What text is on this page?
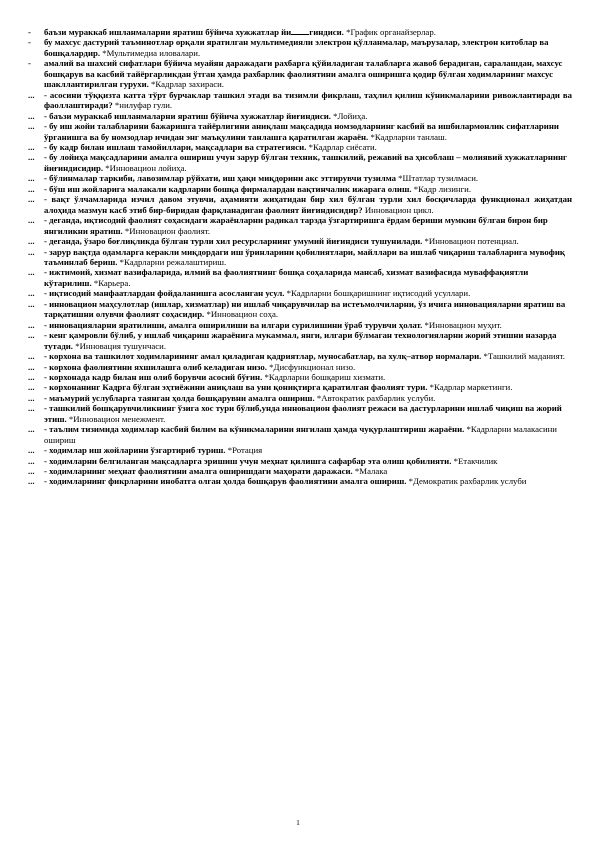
- баъзи мураккаб ишланмаларни яратиш бўйича хужжатлар йи гиндиси. *График органайзерлар.

- бу махсус дастурий таъминотлар орқали яратилган мультимедияли электрон қўлланмалар, маърузалар, электрон китоблар ва бошқалардир. *Мультимедиа иловалари.

- амалий ва шахсий сифатлари бўйича муайян даражадаги рахбарга қўйиладиган талабларга жавоб берадиган, саралашдан, махсус бошқарув ва касбий тайёргарликдан ўтган ҳамда рахбарлик фаолиятини амалга оширишга қодир бўлган ходимларнинг махсус шакллантирилган гурухи. *Кадрлар захираси.

... - асосини тўққизта катта тўрт бурчаклар ташкил этади ва тизимли фикрлаш, таҳлил қилиш кўникмаларини ривожлантиради ва фаоллаштиради? *нилуфар гули.

... - баъзи мураккаб ишланмаларни яратиш бўйича хужжатлар йиғиндиси. *Лойиҳа.

... - бу иш жойи талабларини бажаришга тайёрлигини аниқлаш мақсадида номзодларнинг касбий ва ишбилармонлик сифатларини ўрганишга ва бу номзодлар ичидан энг маъқулини танлашга қаратилган жараён. *Кадрларни танлаш.

... - бу кадр билан ишлаш тамойиллари, мақсадлари ва стратегияси. *Кадрлар сиёсати.

... - бу лойиҳа мақсадларини амалга ошириш учун зарур бўлган техник, ташкилий, режавий ва ҳисоблаш – молиявий хужжатларнинг йиғиндисидир. *Инновацион лойиҳа.

... - бўлинмалар таркиби, лавозимлар рўйхати, иш ҳақи миқдорини акс эттирувчи тузилма *Штатлар тузилмаси.

... - бўш иш жойларига малакали кадрларни бошқа фирмалардан вақтинчалик ижарага олиш. *Кадр лизинги.

... - вақт ўлчамларида изчил давом этувчи, аҳамияти жиҳатидан бир хил бўлган турли хил босқичларда функционал жиҳатдан алоҳида мазмун касб этиб бир-биридан фарқланадиган фаолият йиғиндисидир? Инновацион цикл.

... - деганда, иқтисодий фаолият соҳасидаги жараёнларни радикал тарзда ўзгартиришга ёрдам бериши мумкин бўлган бирон бир янгиликни яратиш. *Инновацион фаолият.

... - деганда, ўзаро боғлиқликда бўлган турли хил ресурсларнинг умумий йиғиндиси тушунилади. *Инновацион потенциал.

... - зарур вақтда одамларга керакли миқдордаги иш ўринларини қобилиятлари, майллари ва ишлаб чиқариш талабларига мувофиқ таъминлаб бериш. *Кадрларни режалаштириш.

... - ижтимоий, хизмат вазифаларида, илмий ва фаолиятнинг бошқа соҳаларида мансаб, хизмат вазифасида муваффақиятли кўтарилиш. *Карьера.

... - иқтисодий манфаатлардан фойдаланишга асосланган усул. *Кадрларни бошқаришнинг иқтисодий усуллари.

... - инновацион маҳсулотлар (ишлар, хизматлар) ни ишлаб чиқарувчилар ва истеъмолчиларни, ўз ичига инновацияларни яратиш ва тарқатишни олувчи фаолият соҳасидир. *Инновацион соҳа.

... - инновацияларни яратилиши, амалга оширилиши ва илгари сурилишини ўраб турувчи ҳолат. *Инновацион муҳит.

... - кенг қамровли бўлиб, у ишлаб чиқариш жараёнига мукаммал, янги, илгари бўлмаган технологияларни жорий этишни назарда тутади. *Инновация тушунчаси.

... - корхона ва ташкилот ходимларининг амал қиладиган қадриятлар, муносабатлар, ва хулқ–атвор нормалари. *Ташкилий маданият.

... - корхона фаолиятини яхшилашга олиб келадиган низо. *Дисфункционал низо.

... - корхонада кадр билан иш олиб борувчи асосий бўғин. *Кадрларни бошқариш хизмати.

... - корхонанинг Кадрга бўлган эҳтиёжини аниқлаш ва уни қониқтирга қаратилган фаолият тури. *Кадрлар маркетинги.

... - маъмурий услубларга таянган ҳолда бошқарувни амалга ошириш. *Автократик рахбарлик услуби.

... - ташкилий бошқарувчиликнинг ўзига хос тури бўлиб,унда инновацион фаолият режаси ва дастурларини ишлаб чиқиш ва жорий этиш. *Инновацион менежмент.

... - таълим тизимида ходимлар касбий билим ва кўникмаларини янгилаш ҳамда чуқурлаштириш жараёни. *Кадрларни малакасини ошириш

... - ходимлар иш жойларини ўзгартириб туриш. *Ротация

... - ходимларни белгиланган мақсадларга эришиш учун меҳнат қилишга сафарбар эта олиш қобилияти. *Етакчилик

... - ходимларнинг меҳнат фаолиятини амалга оширишдаги маҳорати даражаси. *Малака

... - ходимларнинг фикрларини инобатга олган ҳолда бошқарув фаолиятини амалга ошириш. *Демократик рахбарлик услуби

1
